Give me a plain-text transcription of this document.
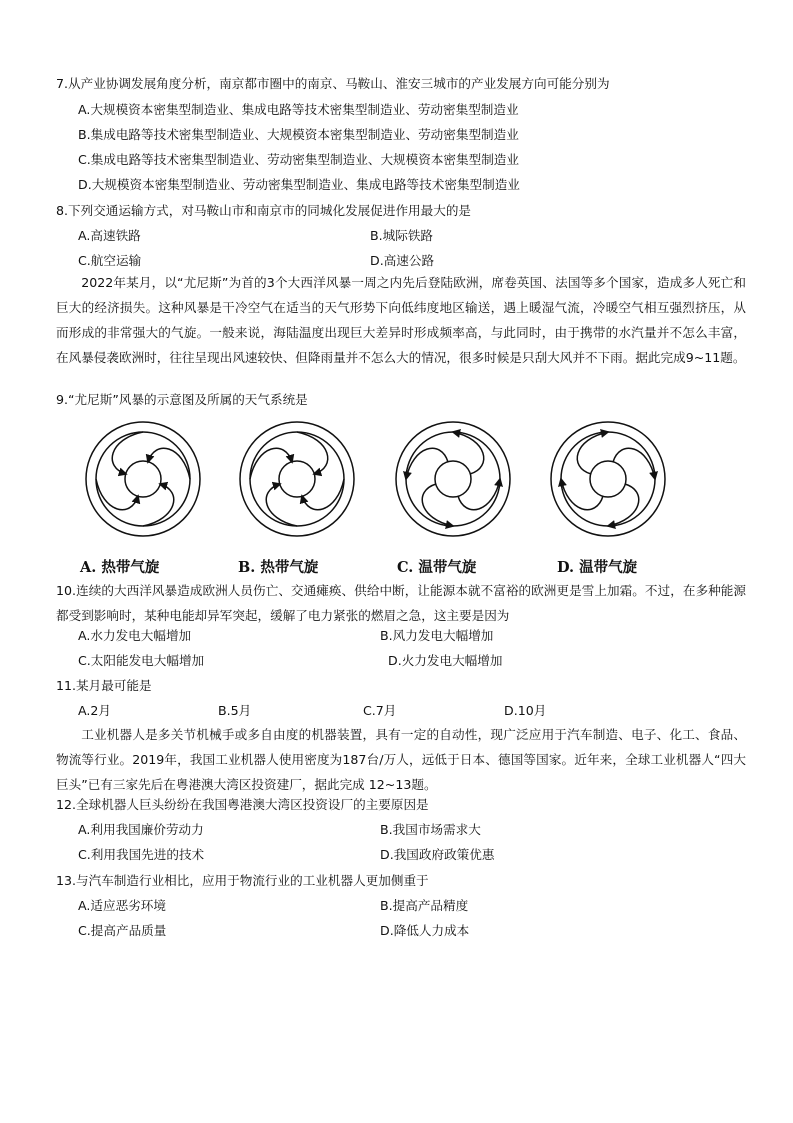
7.从产业协调发展角度分析，南京都市圈中的南京、马鞍山、淮安三城市的产业发展方向可能分别为
A.大规模资本密集型制造业、集成电路等技术密集型制造业、劳动密集型制造业
B.集成电路等技术密集型制造业、大规模资本密集型制造业、劳动密集型制造业
C.集成电路等技术密集型制造业、劳动密集型制造业、大规模资本密集型制造业
D.大规模资本密集型制造业、劳动密集型制造业、集成电路等技术密集型制造业
8.下列交通运输方式，对马鞍山市和南京市的同城化发展促进作用最大的是
A.高速铁路	B.城际铁路
C.航空运输	D.高速公路
2022年某月，以“尤尼斯”为首的3个大西洋风暴一周之内先后登陆欧洲，席卷英国、法国等多个国家，造成多人死亡和巨大的经济损失。这种风暴是干冷空气在适当的天气形势下向低纬度地区输送，遇上暖湿气流，冷暖空气相互强烈挤压，从而形成的非常强大的气旋。一般来说，海陆温度出现巨大差异时形成频率高，与此同时，由于携带的水汽量并不怎么丰富，在风暴侵袭欧洲时，往往呈现出风速较快、但降雨量并不怎么大的情况，很多时候是只刮大风并不下雨。据此完成9~11题。
9.“尤尼斯”风暴的示意图及所属的天气系统是
A. 热带气旋	B. 热带气旋	C. 温带气旋	D. 温带气旋
10.连续的大西洋风暴造成欧洲人员伤亡、交通瘫痪、供给中断，让能源本就不富裕的欧洲更是雪上加霜。不过，在多种能源都受到影响时，某种电能却异军突起，缓解了电力紧张的燃眉之急，这主要是因为
A.水力发电大幅增加	B.风力发电大幅增加
C.太阳能发电大幅增加	D.火力发电大幅增加
11.某月最可能是
A.2月	B.5月	C.7月	D.10月
工业机器人是多关节机械手或多自由度的机器装置，具有一定的自动性，现广泛应用于汽车制造、电子、化工、食品、物流等行业。2019年，我国工业机器人使用密度为187台/万人，远低于日本、德国等国家。近年来，全球工业机器人“四大巨头”已有三家先后在粤港澳大湾区投资建厂，据此完成 12~13题。
12.全球机器人巨头纷纷在我国粤港澳大湾区投资设厂的主要原因是
A.利用我国廉价劳动力	B.我国市场需求大
C.利用我国先进的技术	D.我国政府政策优惠
13.与汽车制造行业相比，应用于物流行业的工业机器人更加侧重于
A.适应恶劣环境	B.提高产品精度
C.提高产品质量	D.降低人力成本
